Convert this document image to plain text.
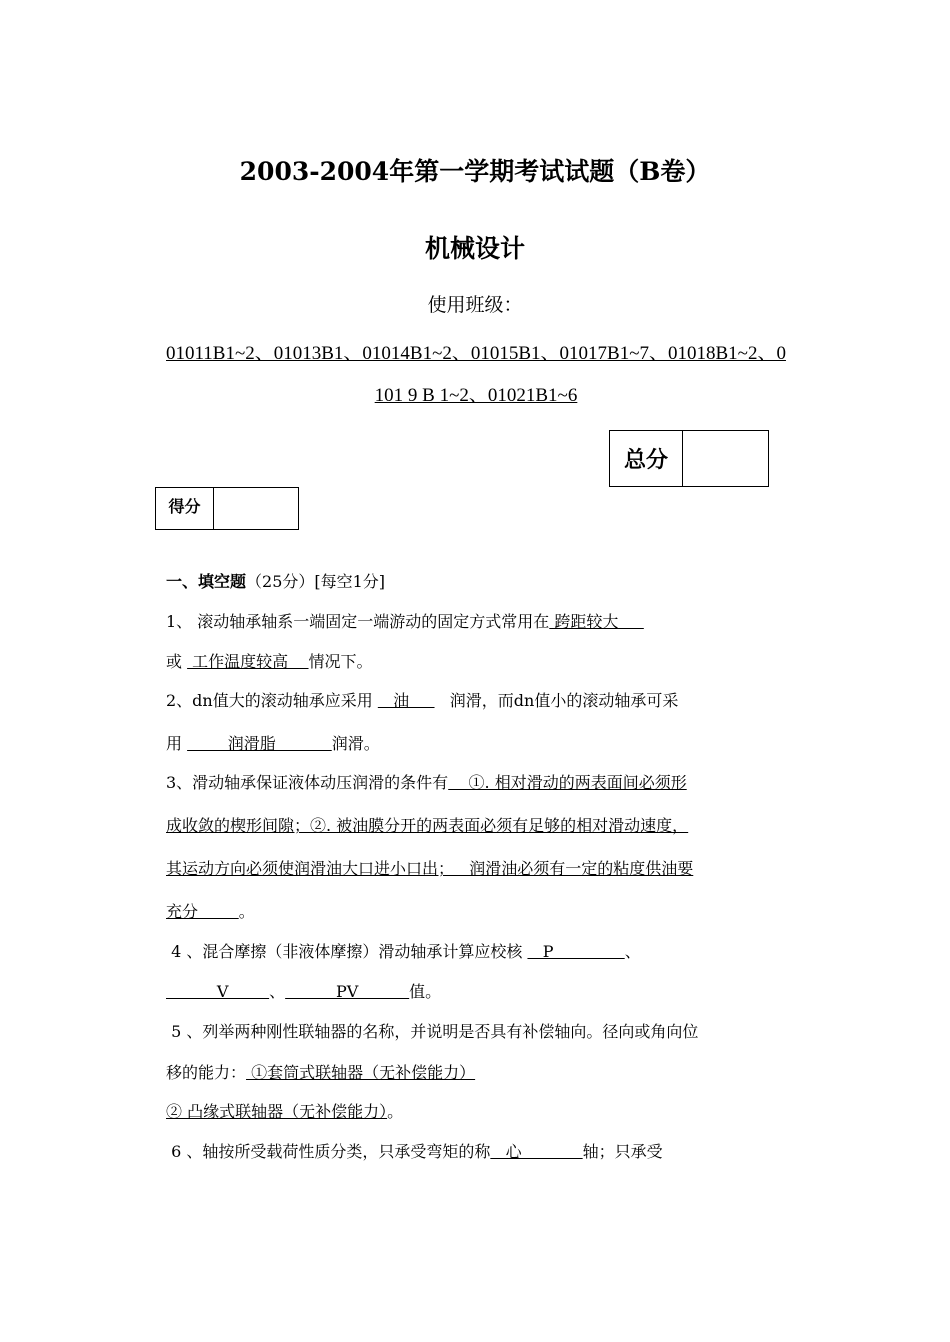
2003-2004年第一学期考试试题（B卷）
机械设计
使用班级：
01011B1~2、01013B1、01014B1~2、01015B1、01017B1~7、01018B1~2、0101 9 B 1~2、01021B1~6
总分
得分
一、填空题（25分）[每空1分]
1、 滚动轴承轴系一端固定一端游动的固定方式常用在 跨距较大
或  工作温度较高    情况下。
2、dn值大的滚动轴承应采用    油        润滑，而dn值小的滚动轴承可采
用         润滑脂           润滑。
3、滑动轴承保证液体动压润滑的条件有    ①. 相对滑动的两表面间必须形
成收敛的楔形间隙；②. 被油膜分开的两表面必须有足够的相对滑动速度，
其运动方向必须使润滑油大口进小口出；   润滑油必须有一定的粘度供油要
充分        。
4 、混合摩擦（非液体摩擦）滑动轴承计算应校核    P              、
V        、          PV          值。
5 、列举两种刚性联轴器的名称，并说明是否具有补偿轴向。径向或角向位
移的能力： ①套筒式联轴器（无补偿能力）
② 凸缘式联轴器（无补偿能力）。
6 、轴按所受载荷性质分类，只承受弯矩的称   心            轴；只承受
